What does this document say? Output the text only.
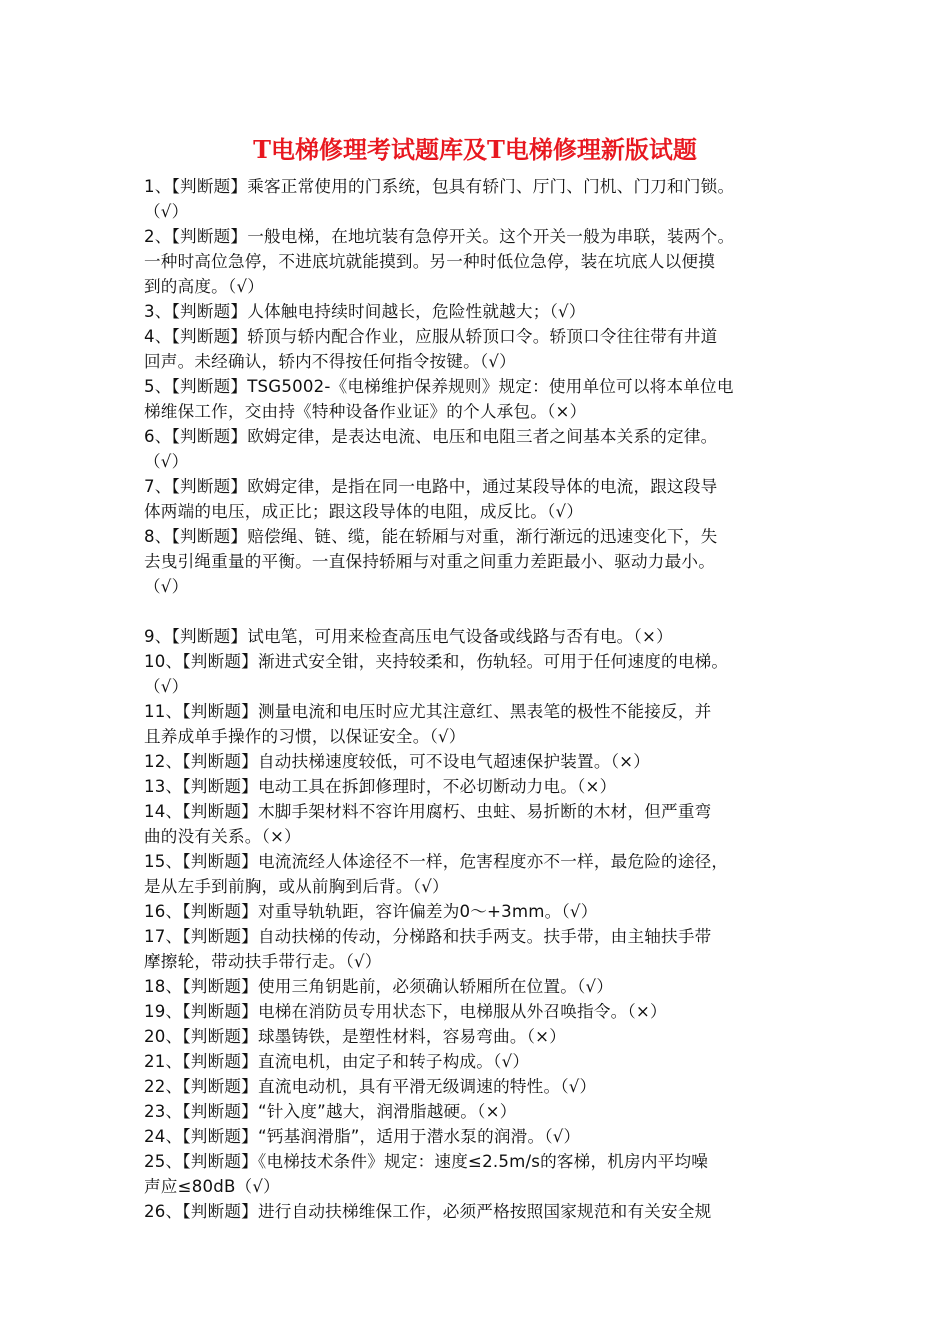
T电梯修理考试题库及T电梯修理新版试题
1、【判断题】乘客正常使用的门系统，包具有轿门、厅门、门机、门刀和门锁。
（√）
2、【判断题】一般电梯，在地坑装有急停开关。这个开关一般为串联，装两个。
一种时高位急停，不进底坑就能摸到。另一种时低位急停，装在坑底人以便摸
到的高度。（√）
3、【判断题】人体触电持续时间越长，危险性就越大；（√）
4、【判断题】轿顶与轿内配合作业，应服从轿顶口令。轿顶口令往往带有井道
回声。未经确认，轿内不得按任何指令按键。（√）
5、【判断题】TSG5002-《电梯维护保养规则》规定：使用单位可以将本单位电
梯维保工作，交由持《特种设备作业证》的个人承包。（×）
6、【判断题】欧姆定律，是表达电流、电压和电阻三者之间基本关系的定律。
（√）
7、【判断题】欧姆定律，是指在同一电路中，通过某段导体的电流，跟这段导
体两端的电压，成正比；跟这段导体的电阻，成反比。（√）
8、【判断题】赔偿绳、链、缆，能在轿厢与对重，渐行渐远的迅速变化下，失
去曳引绳重量的平衡。一直保持轿厢与对重之间重力差距最小、驱动力最小。
（√）
9、【判断题】试电笔，可用来检查高压电气设备或线路与否有电。（×）
10、【判断题】渐进式安全钳，夹持较柔和，伤轨轻。可用于任何速度的电梯。
（√）
11、【判断题】测量电流和电压时应尤其注意红、黑表笔的极性不能接反，并
且养成单手操作的习惯，以保证安全。（√）
12、【判断题】自动扶梯速度较低，可不设电气超速保护装置。（×）
13、【判断题】电动工具在拆卸修理时，不必切断动力电。（×）
14、【判断题】木脚手架材料不容许用腐朽、虫蛀、易折断的木材，但严重弯
曲的没有关系。（×）
15、【判断题】电流流经人体途径不一样，危害程度亦不一样，最危险的途径，
是从左手到前胸，或从前胸到后背。（√）
16、【判断题】对重导轨轨距，容许偏差为0～+3mm。（√）
17、【判断题】自动扶梯的传动，分梯路和扶手两支。扶手带，由主轴扶手带
摩擦轮，带动扶手带行走。（√）
18、【判断题】使用三角钥匙前，必须确认轿厢所在位置。（√）
19、【判断题】电梯在消防员专用状态下，电梯服从外召唤指令。（×）
20、【判断题】球墨铸铁，是塑性材料，容易弯曲。（×）
21、【判断题】直流电机，由定子和转子构成。（√）
22、【判断题】直流电动机，具有平滑无级调速的特性。（√）
23、【判断题】“针入度”越大，润滑脂越硬。（×）
24、【判断题】“钙基润滑脂”，适用于潜水泵的润滑。（√）
25、【判断题】《电梯技术条件》规定：速度≤2.5m/s的客梯，机房内平均噪
声应≤80dB（√）
26、【判断题】进行自动扶梯维保工作，必须严格按照国家规范和有关安全规
